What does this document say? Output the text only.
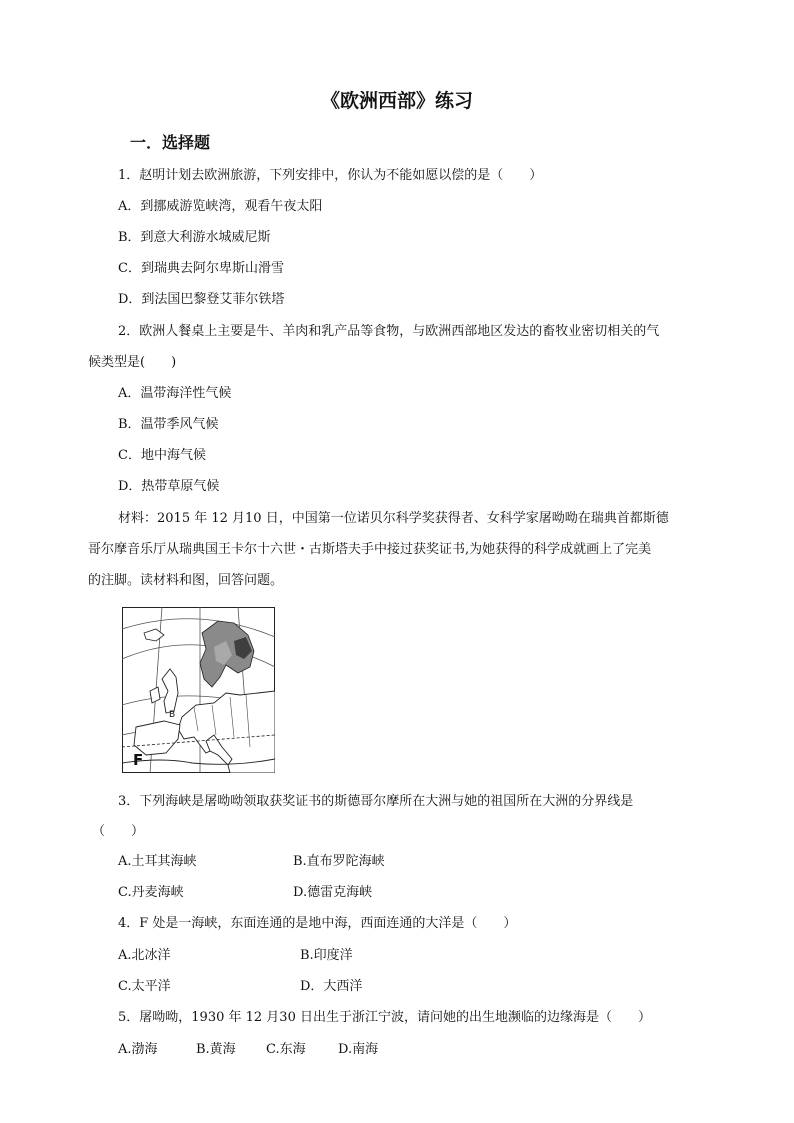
《欧洲西部》练习
一．选择题
1．赵明计划去欧洲旅游，下列安排中，你认为不能如愿以偿的是（　　）
A．到挪威游览峡湾，观看午夜太阳
B．到意大利游水城威尼斯
C．到瑞典去阿尔卑斯山滑雪
D．到法国巴黎登艾菲尔铁塔
2．欧洲人餐桌上主要是牛、羊肉和乳产品等食物，与欧洲西部地区发达的畜牧业密切相关的气
候类型是(　　)
A．温带海洋性气候
B．温带季风气候
C．地中海气候
D．热带草原气候
材料：2015 年 12 月10 日，中国第一位诺贝尔科学奖获得者、女科学家屠呦呦在瑞典首都斯德
哥尔摩音乐厅从瑞典国王卡尔十六世・古斯塔夫手中接过获奖证书,为她获得的科学成就画上了完美
的注脚。读材料和图，回答问题。
B
F
3．下列海峡是屠呦呦领取获奖证书的斯德哥尔摩所在大洲与她的祖国所在大洲的分界线是
（　　）
A.土耳其海峡	B.直布罗陀海峡
C.丹麦海峡	D.德雷克海峡
4．F 处是一海峡，东面连通的是地中海，西面连通的大洋是（　　）
A.北冰洋	B.印度洋
C.太平洋	D．大西洋
5．屠呦呦，1930 年 12 月30 日出生于浙江宁波，请问她的出生地濒临的边缘海是（　　）
A.渤海	B.黄海 C.东海 D.南海
